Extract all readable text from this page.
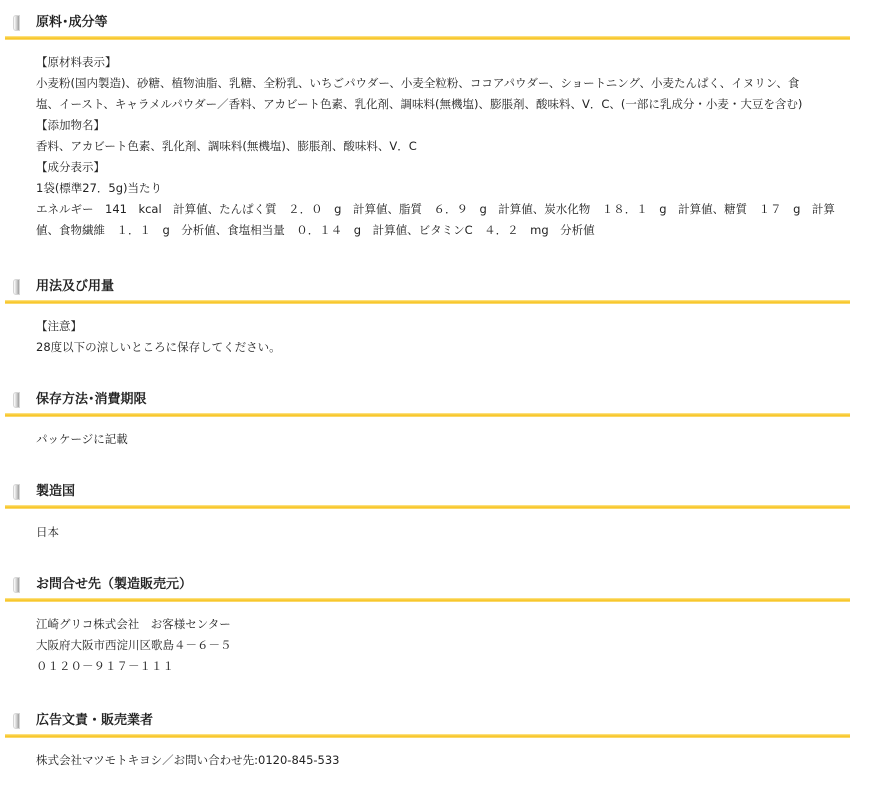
原料･成分等
【原材料表示】
小麦粉(国内製造)、砂糖、植物油脂、乳糖、全粉乳、いちごパウダー、小麦全粒粉、ココアパウダー、ショートニング、小麦たんぱく、イヌリン、食
塩、イースト、キャラメルパウダー／香料、アカビート色素、乳化剤、調味料(無機塩)、膨脹剤、酸味料、V．C、(一部に乳成分・小麦・大豆を含む)
【添加物名】
香料、アカビート色素、乳化剤、調味料(無機塩)、膨脹剤、酸味料、V．C
【成分表示】
1袋(標準27．5g)当たり
エネルギー　141　kcal　計算値、たんぱく質　２．０　g　計算値、脂質　６．９　g　計算値、炭水化物　１８．１　g　計算値、糖質　１７　g　計算値、食物繊維　１．１　g　分析値、食塩相当量　０．１４　g　計算値、ビタミンC　４．２　mg　分析値
用法及び用量
【注意】
28度以下の涼しいところに保存してください。
保存方法･消費期限
パッケージに記載
製造国
日本
お問合せ先（製造販売元）
江崎グリコ株式会社　お客様センター
大阪府大阪市西淀川区歌島４－６－５
０１２０－９１７－１１１
広告文責・販売業者
株式会社マツモトキヨシ／お問い合わせ先:0120-845-533
